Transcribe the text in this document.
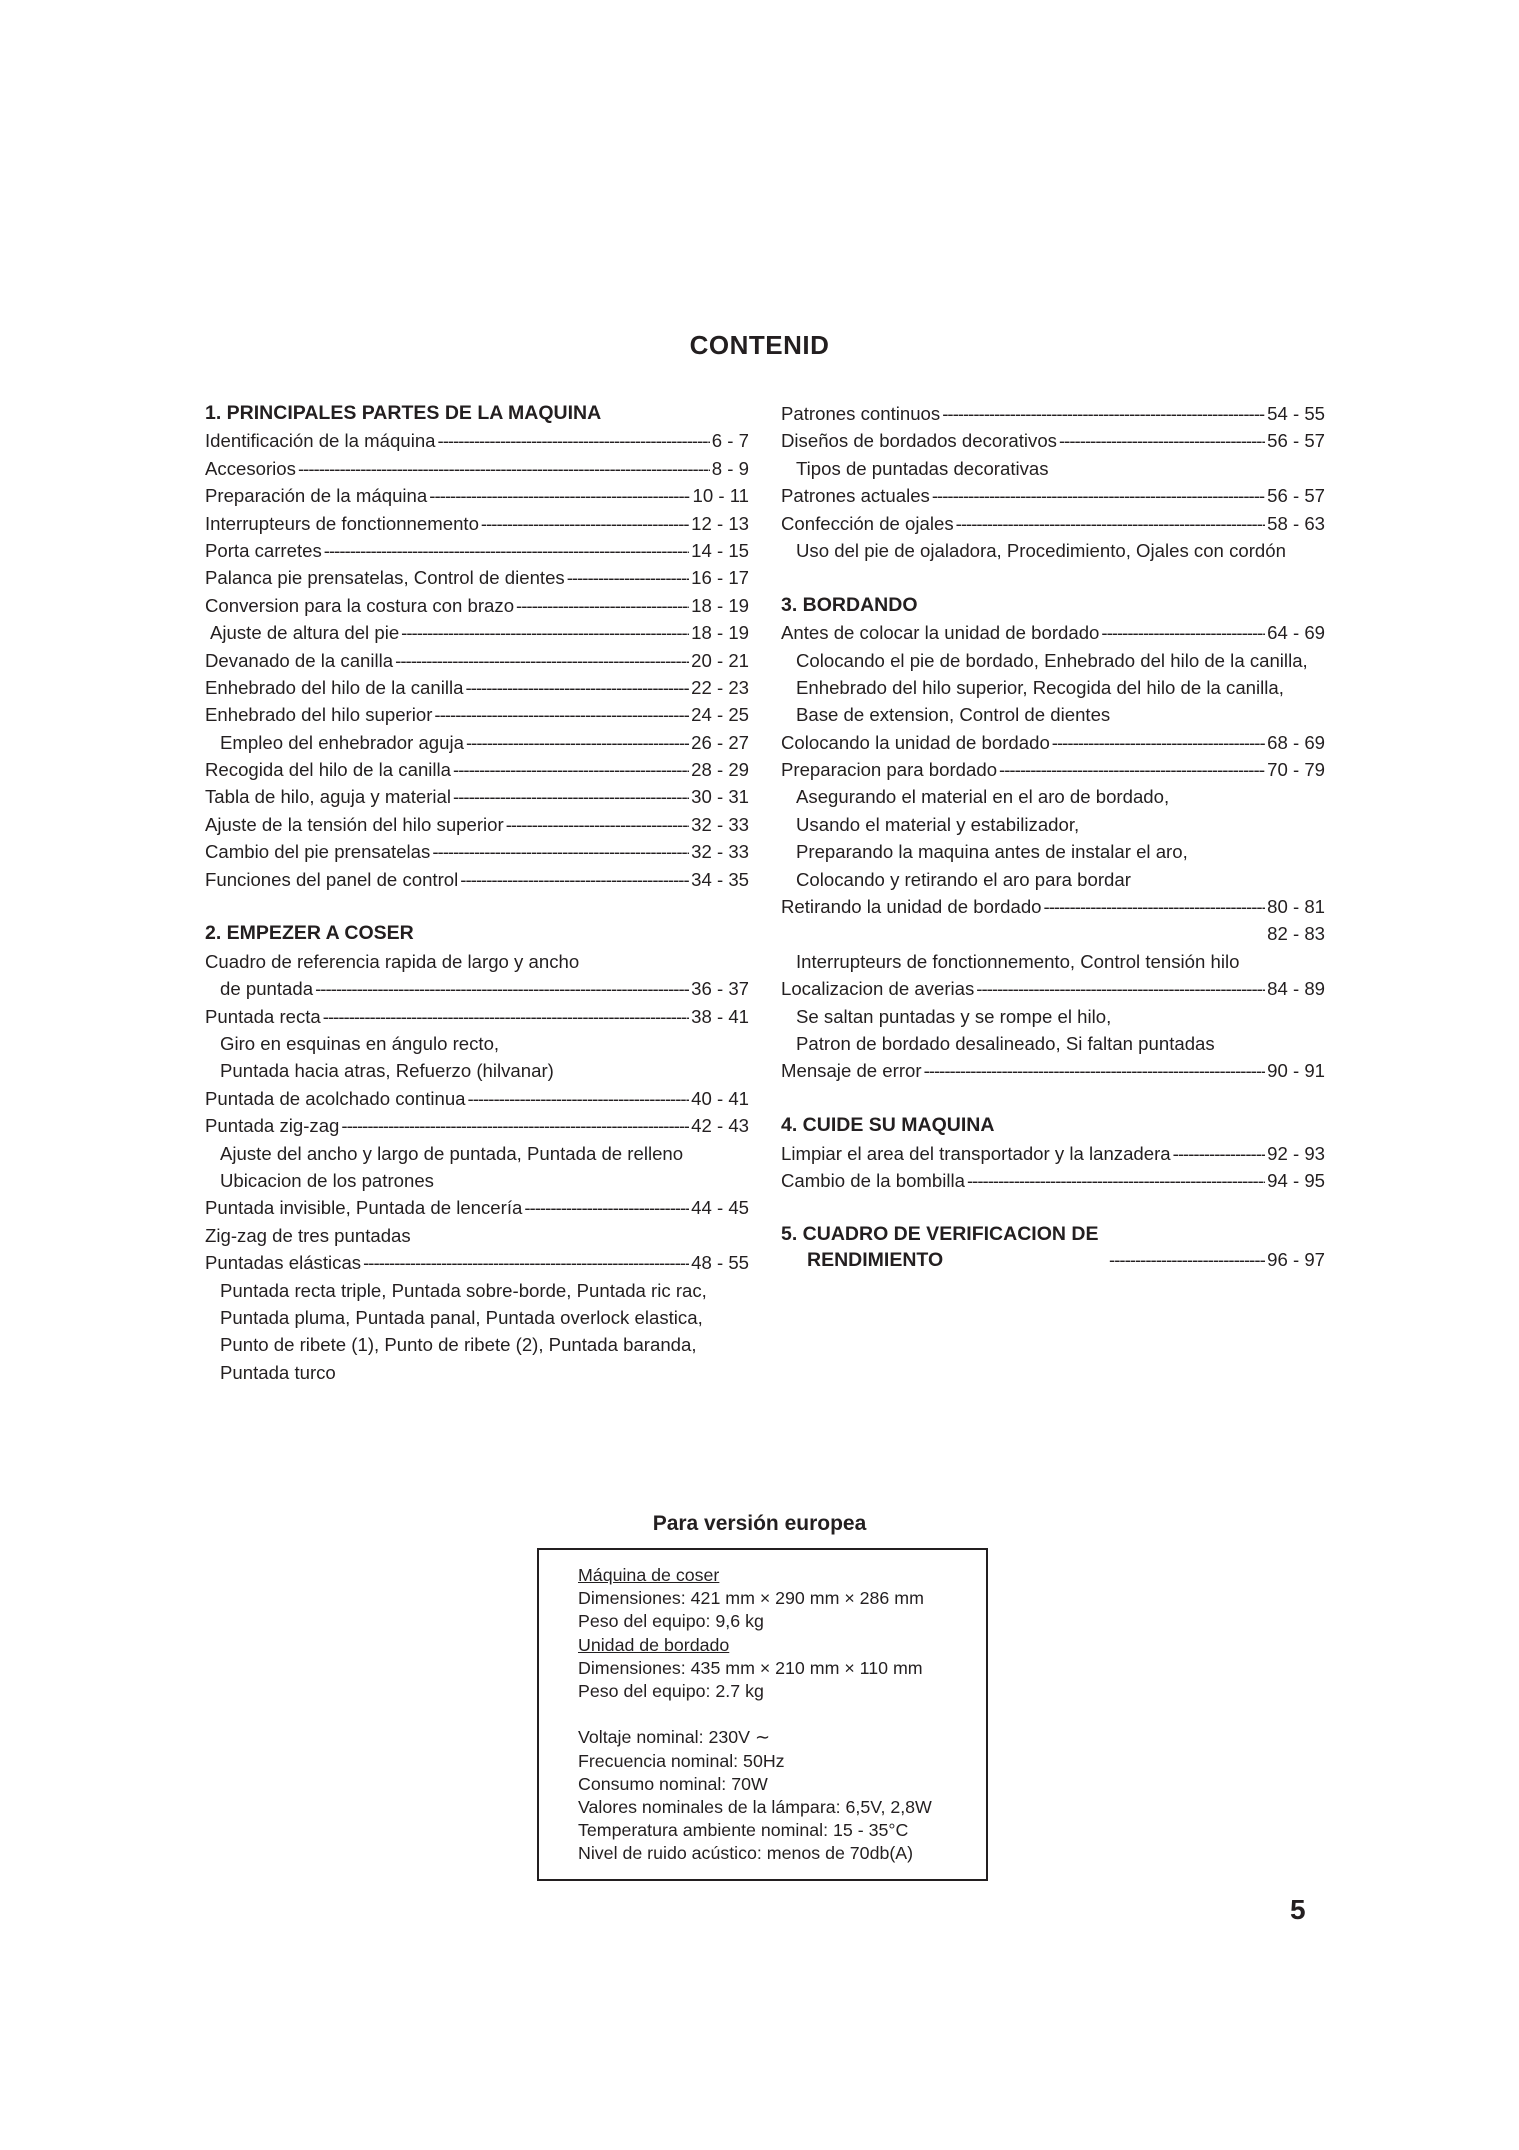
CONTENID
1. PRINCIPALES PARTES DE LA MAQUINA
Identificación de la máquina -----	6 - 7
Accesorios -----	8 - 9
Preparación de la máquina -----	10 - 11
Interrupteurs de fonctionnemento -----	12 - 13
Porta carretes -----	14 - 15
Palanca pie prensatelas, Control de dientes -----	16 - 17
Conversion para la costura con brazo -----	18 - 19
Ajuste de altura del pie -----	18 - 19
Devanado de la canilla -----	20 - 21
Enhebrado del hilo de la canilla -----	22 - 23
Enhebrado del hilo superior -----	24 - 25
Empleo del enhebrador aguja -----	26 - 27
Recogida del hilo de la canilla -----	28 - 29
Tabla de hilo, aguja y material -----	30 - 31
Ajuste de la tensión del hilo superior -----	32 - 33
Cambio del pie prensatelas -----	32 - 33
Funciones del panel de control -----	34 - 35
2. EMPEZER A COSER
Cuadro de referencia rapida de largo y ancho
de puntada -----	36 - 37
Puntada recta -----	38 - 41
Giro en esquinas en ángulo recto,
Puntada hacia atras, Refuerzo (hilvanar)
Puntada de acolchado continua -----	40 - 41
Puntada zig-zag -----	42 - 43
Ajuste del ancho y largo de puntada, Puntada de relleno
Ubicacion de los patrones
Puntada invisible, Puntada de lencería -----	44 - 45
Zig-zag de tres puntadas
Puntadas elásticas -----	48 - 55
Puntada recta triple, Puntada sobre-borde, Puntada ric rac,
Puntada pluma, Puntada panal, Puntada overlock elastica,
Punto de ribete (1), Punto de ribete (2), Puntada baranda,
Puntada turco
Patrones continuos -----	54 - 55
Diseños de bordados decorativos -----	56 - 57
Tipos de puntadas decorativas
Patrones actuales -----	56 - 57
Confección de ojales -----	58 - 63
Uso del pie de ojaladora, Procedimiento, Ojales con cordón
3. BORDANDO
Antes de colocar la unidad de bordado -----	64 - 69
Colocando el pie de bordado, Enhebrado del hilo de la canilla,
Enhebrado del hilo superior, Recogida del hilo de la canilla,
Base de extension, Control de dientes
Colocando la unidad de bordado -----	68 - 69
Preparacion para bordado -----	70 - 79
Asegurando el material en el aro de bordado,
Usando el material y estabilizador,
Preparando la maquina antes de instalar el aro,
Colocando y retirando el aro para bordar
Retirando la unidad de bordado -----	80 - 81
82 - 83
Interrupteurs de fonctionnemento, Control tensión hilo
Localizacion de averias -----	84 - 89
Se saltan puntadas y se rompe el hilo,
Patron de bordado desalineado, Si faltan puntadas
Mensaje de error -----	90 - 91
4. CUIDE SU MAQUINA
Limpiar el area del transportador y la lanzadera -----	92 - 93
Cambio de la bombilla -----	94 - 95
5. CUADRO DE VERIFICACION DE
RENDIMIENTO -----	96 - 97
Para versión europea
Máquina de coser
Dimensiones: 421 mm × 290 mm × 286 mm
Peso del equipo: 9,6 kg
Unidad de bordado
Dimensiones: 435 mm × 210 mm × 110 mm
Peso del equipo: 2.7 kg
Voltaje nominal: 230V ∼
Frecuencia nominal: 50Hz
Consumo nominal: 70W
Valores nominales de la lámpara: 6,5V, 2,8W
Temperatura ambiente nominal: 15 - 35°C
Nivel de ruido acústico: menos de 70db(A)
5
